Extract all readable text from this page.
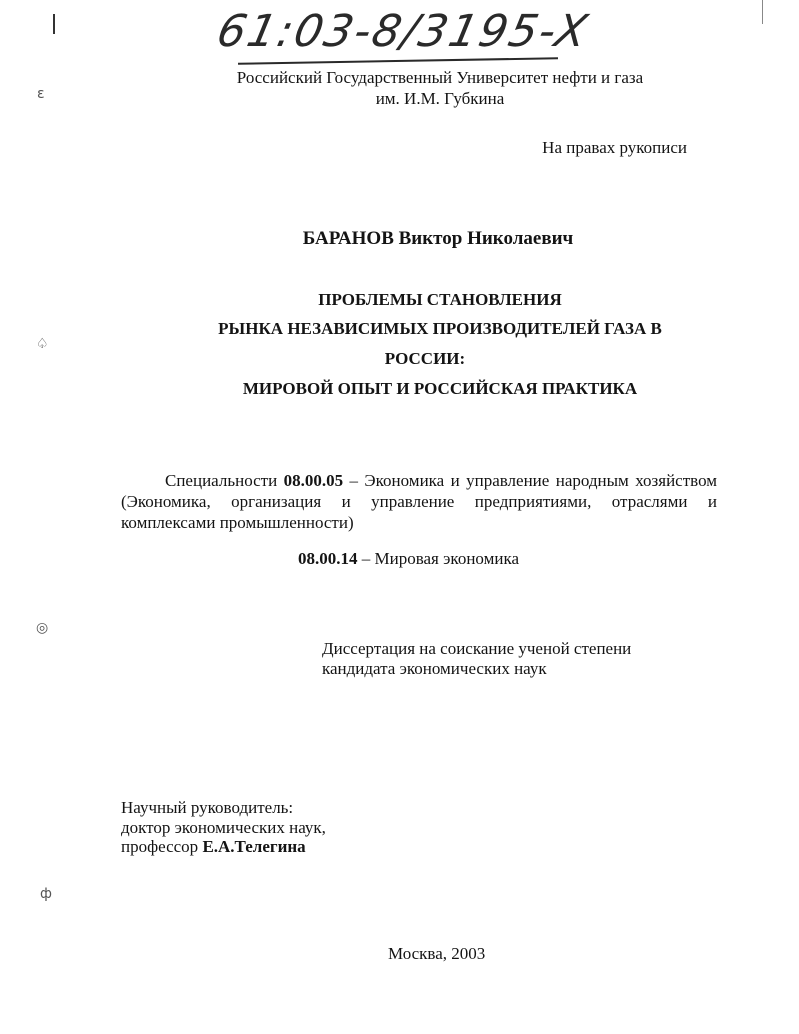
ԑ
♤
◎
ф
61:03-8/3195-X
Российский Государственный Университет нефти и газа
им. И.М. Губкина
На правах рукописи
БАРАНОВ Виктор Николаевич
ПРОБЛЕМЫ СТАНОВЛЕНИЯ
РЫНКА НЕЗАВИСИМЫХ ПРОИЗВОДИТЕЛЕЙ ГАЗА В
РОССИИ:
МИРОВОЙ ОПЫТ И РОССИЙСКАЯ ПРАКТИКА
Специальности 08.00.05 – Экономика и управление народным хозяйством (Экономика, организация и управление предприятиями, отраслями и комплексами промышленности)
08.00.14 – Мировая экономика
Диссертация на соискание ученой степени
кандидата экономических наук
Научный руководитель:
доктор экономических наук,
профессор Е.А.Телегина
Москва, 2003
